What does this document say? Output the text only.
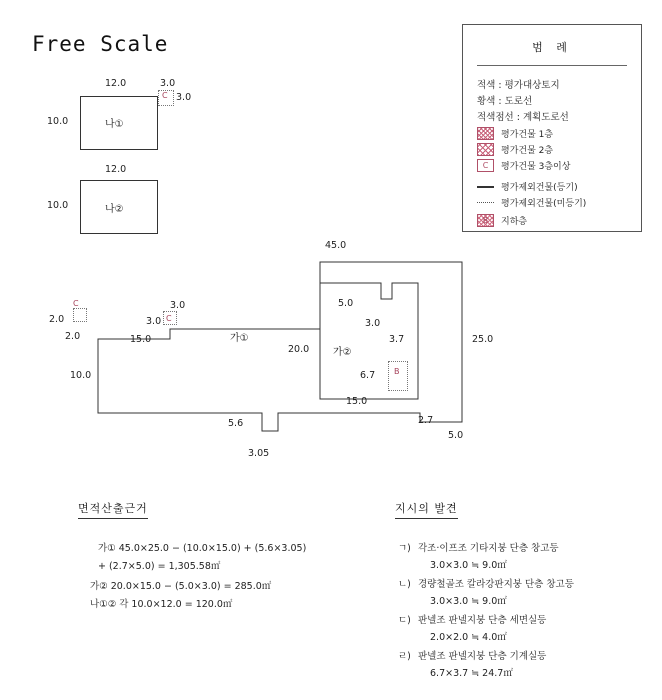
Free Scale	범 례
적색 : 평가대상토지
황색 : 도로선
적색점선 : 계획도로선
평가건물 1층
평가건물 2층
C	평가건물 3층이상
평가제외건물(등기)
평가제외건물(미등기)
B	지하층
12.0
10.0	나①
3.0
3.0
C
12.0
10.0	나②
45.0
25.0
가①
가②
20.0
15.0
5.0
3.0
3.7
6.7 B
15.0
10.0
C
2.0
2.0
3.0
3.0 C
5.6
3.05
2.7
5.0
면적산출근거
가① 45.0×25.0 − (10.0×15.0) + (5.6×3.05)
+ (2.7×5.0) = 1,305.58㎡
가② 20.0×15.0 − (5.0×3.0) = 285.0㎡
나①② 각 10.0×12.0 = 120.0㎡
지시의 발견
ㄱ) 각조·이프조 기타지붕 단층 창고등
3.0×3.0 ≒ 9.0㎡
ㄴ) 경량철골조 칼라강판지붕 단층 창고등
3.0×3.0 ≒ 9.0㎡
ㄷ) 판넬조 판넬지붕 단층 세면실등
2.0×2.0 ≒ 4.0㎡
ㄹ) 판넬조 판넬지붕 단층 기계실등
6.7×3.7 ≒ 24.7㎡
